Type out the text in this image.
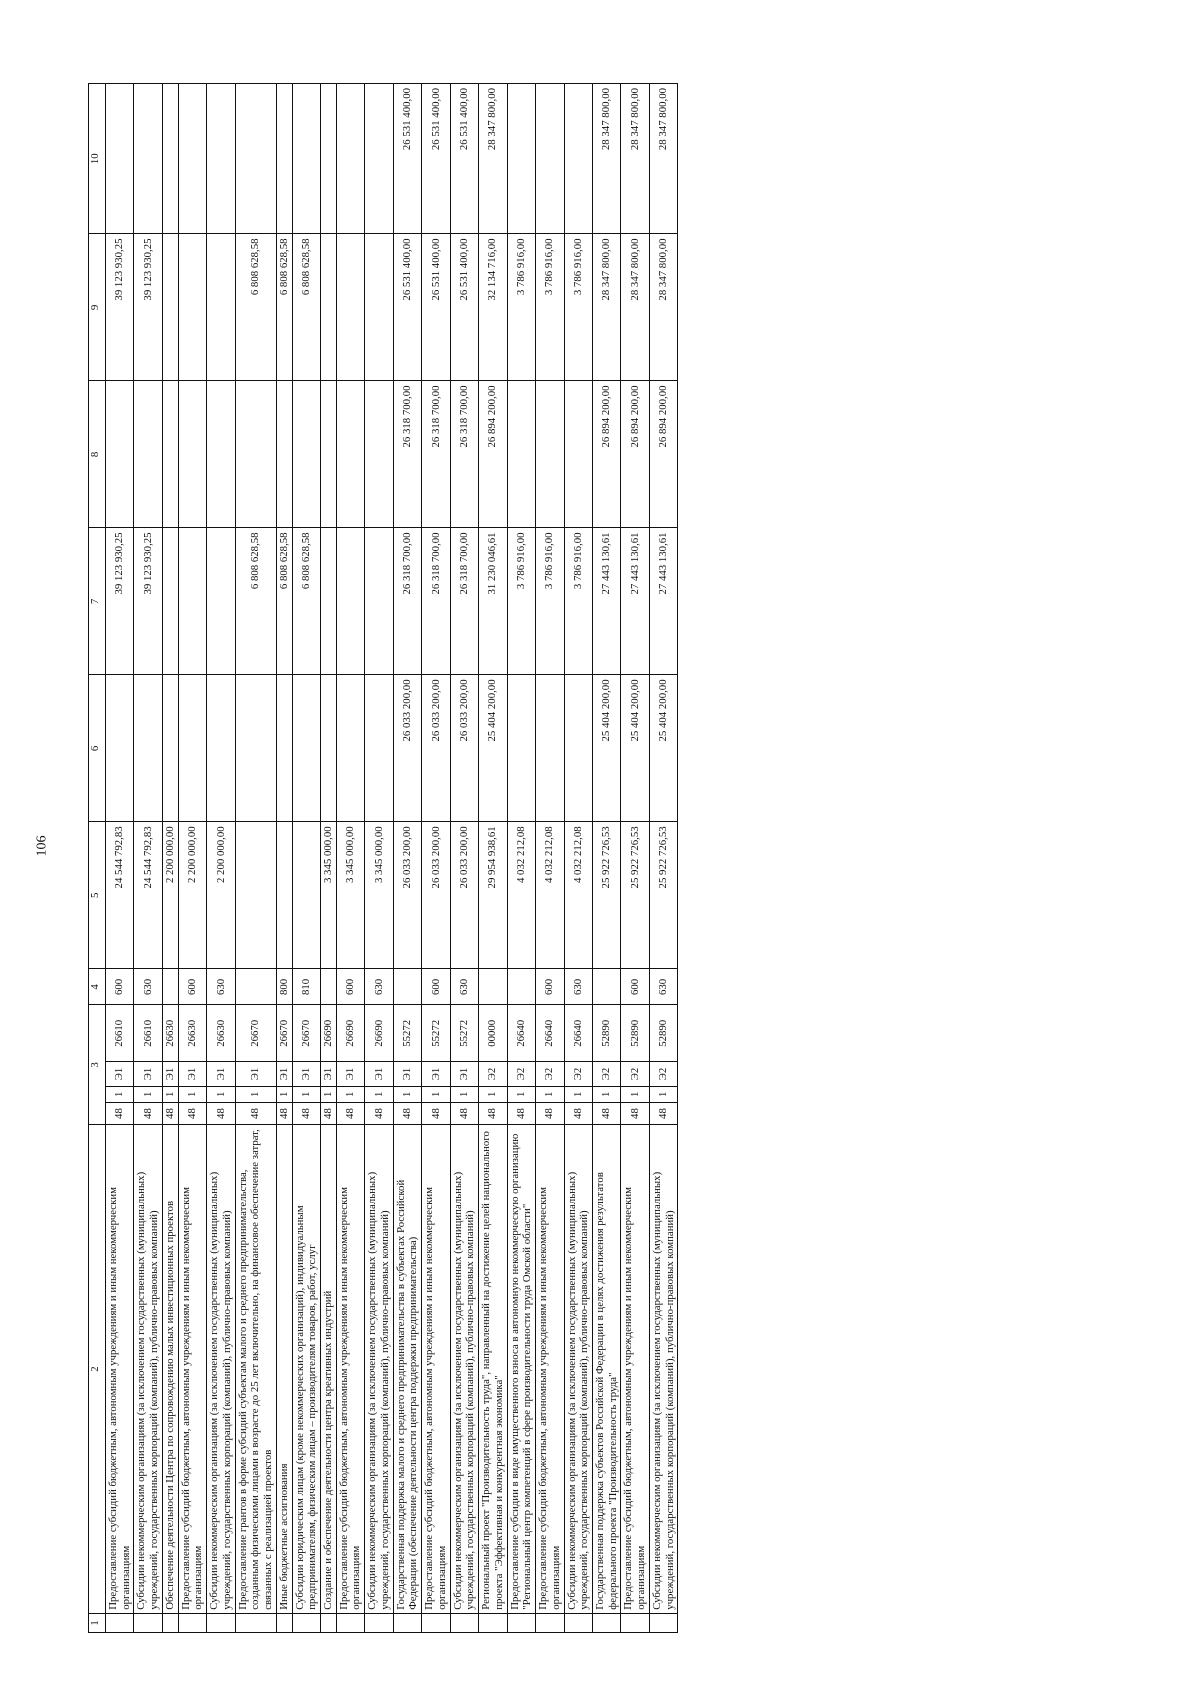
106
1	2	3				4	5	6	7	8	9	10
	Предоставление субсидий бюджетным, автономным учреждениям и иным некоммерческим организациям	48	1	Э1	26610	600	24 544 792,83		39 123 930,25		39 123 930,25	
	Субсидии некоммерческим организациям (за исключением государственных (муниципальных) учреждений, государственных корпораций (компаний), публично-правовых компаний)	48	1	Э1	26610	630	24 544 792,83		39 123 930,25		39 123 930,25	
	Обеспечение деятельности Центра по сопровождению малых инвестиционных проектов	48	1	Э1	26630		2 200 000,00					
	Предоставление субсидий бюджетным, автономным учреждениям и иным некоммерческим организациям	48	1	Э1	26630	600	2 200 000,00					
	Субсидии некоммерческим организациям (за исключением государственных (муниципальных) учреждений, государственных корпораций (компаний), публично-правовых компаний)	48	1	Э1	26630	630	2 200 000,00					
	Предоставление грантов в форме субсидий субъектам малого и среднего предпринимательства, созданным физическими лицами в возрасте до 25 лет включительно, на финансовое обеспечение затрат, связанных с реализацией проектов	48	1	Э1	26670				6 808 628,58		6 808 628,58	
	Иные бюджетные ассигнования	48	1	Э1	26670	800			6 808 628,58		6 808 628,58	
	Субсидии юридическим лицам (кроме некоммерческих организаций), индивидуальным предпринимателям, физическим лицам – производителям товаров, работ, услуг	48	1	Э1	26670	810			6 808 628,58		6 808 628,58	
	Создание и обеспечение деятельности центра креативных индустрий	48	1	Э1	26690		3 345 000,00					
	Предоставление субсидий бюджетным, автономным учреждениям и иным некоммерческим организациям	48	1	Э1	26690	600	3 345 000,00					
	Субсидии некоммерческим организациям (за исключением государственных (муниципальных) учреждений, государственных корпораций (компаний), публично-правовых компаний)	48	1	Э1	26690	630	3 345 000,00					
	Государственная поддержка малого и среднего предпринимательства в субъектах Российской Федерации (обеспечение деятельности центра поддержки предпринимательства)	48	1	Э1	55272		26 033 200,00	26 033 200,00	26 318 700,00	26 318 700,00	26 531 400,00	26 531 400,00
	Предоставление субсидий бюджетным, автономным учреждениям и иным некоммерческим организациям	48	1	Э1	55272	600	26 033 200,00	26 033 200,00	26 318 700,00	26 318 700,00	26 531 400,00	26 531 400,00
	Субсидии некоммерческим организациям (за исключением государственных (муниципальных) учреждений, государственных корпораций (компаний), публично-правовых компаний)	48	1	Э1	55272	630	26 033 200,00	26 033 200,00	26 318 700,00	26 318 700,00	26 531 400,00	26 531 400,00
	Региональный проект "Производительность труда", направленный на достижение целей национального проекта "Эффективная и конкурентная экономика"	48	1	Э2	00000		29 954 938,61	25 404 200,00	31 230 046,61	26 894 200,00	32 134 716,00	28 347 800,00
	Предоставление субсидии в виде имущественного взноса в автономную некоммерческую организацию "Региональный центр компетенций в сфере производительности труда Омской области"	48	1	Э2	26640		4 032 212,08		3 786 916,00		3 786 916,00	
	Предоставление субсидий бюджетным, автономным учреждениям и иным некоммерческим организациям	48	1	Э2	26640	600	4 032 212,08		3 786 916,00		3 786 916,00	
	Субсидии некоммерческим организациям (за исключением государственных (муниципальных) учреждений, государственных корпораций (компаний), публично-правовых компаний)	48	1	Э2	26640	630	4 032 212,08		3 786 916,00		3 786 916,00	
	Государственная поддержка субъектов Российской Федерации в целях достижения результатов федерального проекта "Производительность труда"	48	1	Э2	52890		25 922 726,53	25 404 200,00	27 443 130,61	26 894 200,00	28 347 800,00	28 347 800,00
	Предоставление субсидий бюджетным, автономным учреждениям и иным некоммерческим организациям	48	1	Э2	52890	600	25 922 726,53	25 404 200,00	27 443 130,61	26 894 200,00	28 347 800,00	28 347 800,00
	Субсидии некоммерческим организациям (за исключением государственных (муниципальных) учреждений, государственных корпораций (компаний), публично-правовых компаний)	48	1	Э2	52890	630	25 922 726,53	25 404 200,00	27 443 130,61	26 894 200,00	28 347 800,00	28 347 800,00
